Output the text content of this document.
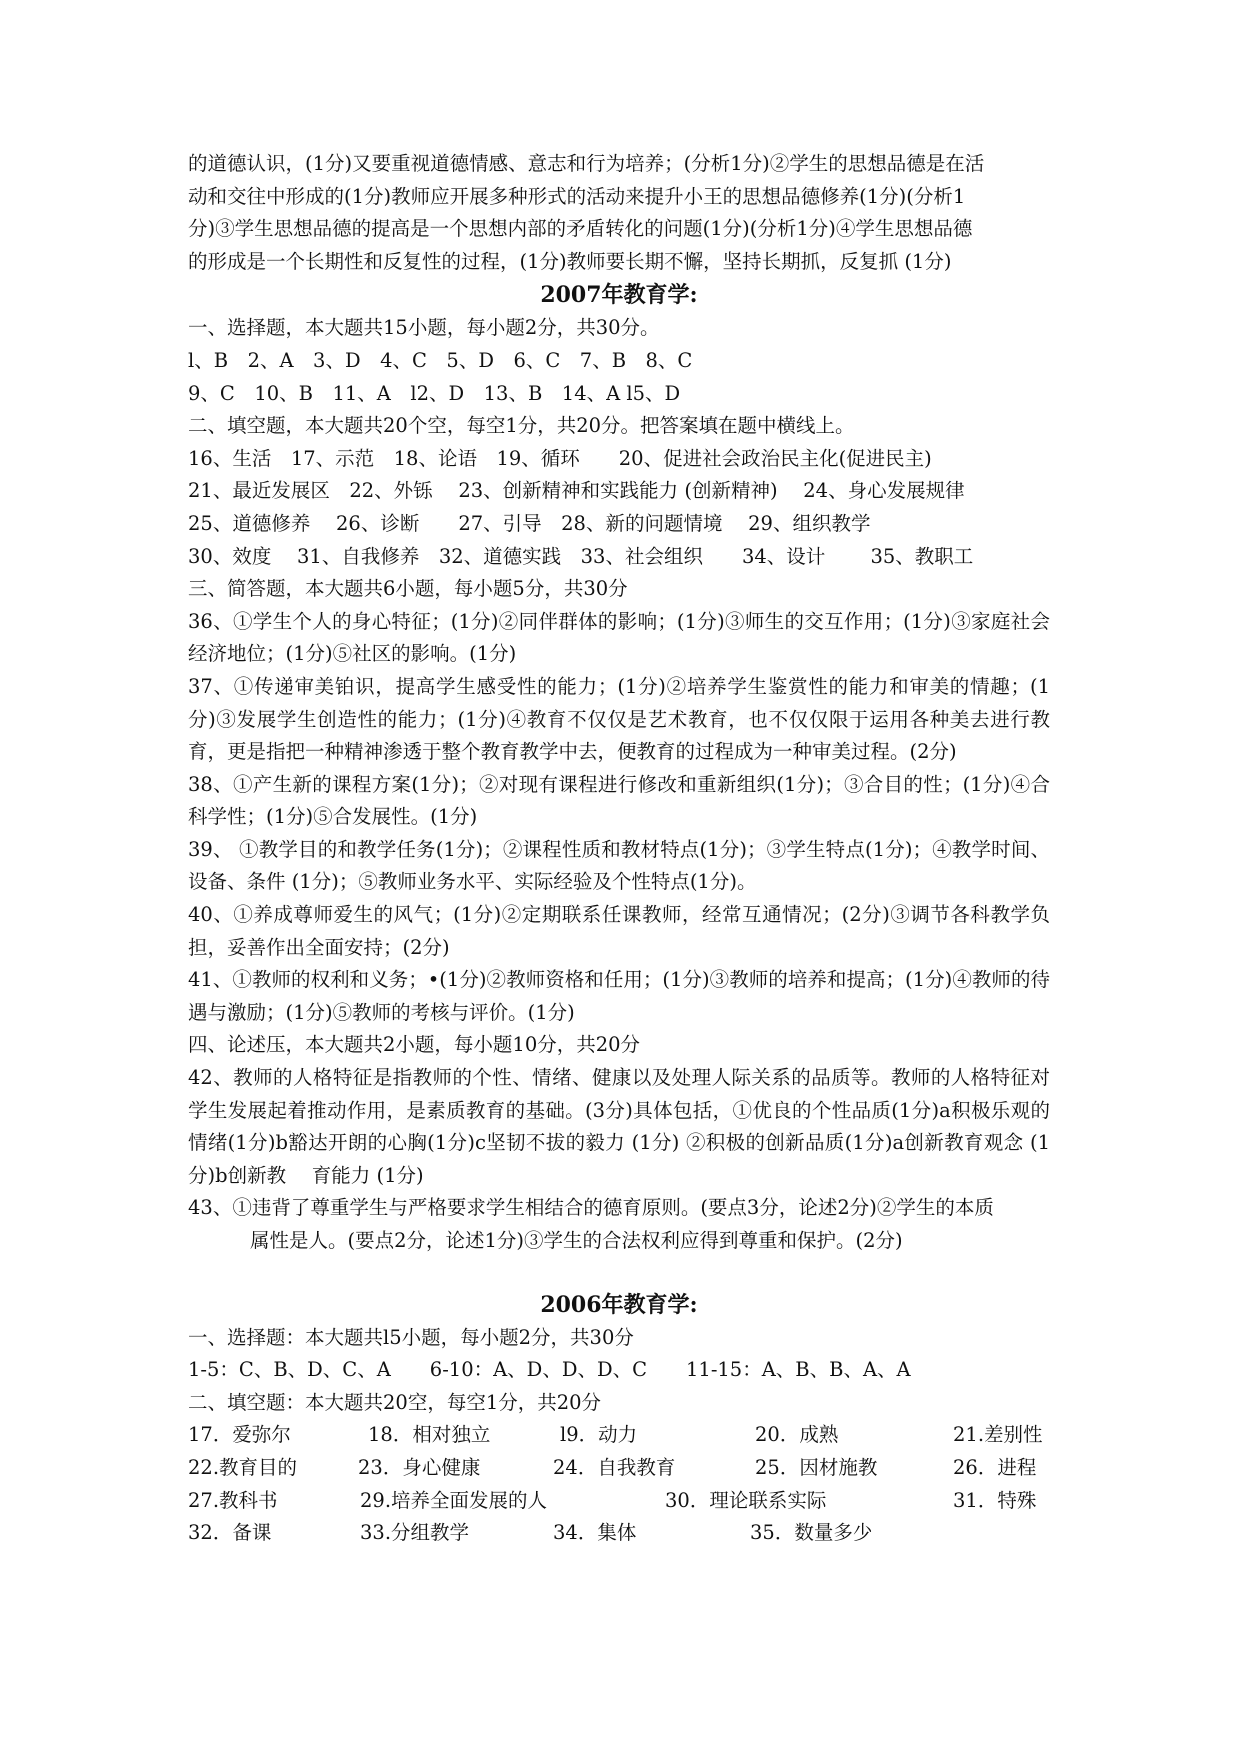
的道德认识，(1分)又要重视道德情感、意志和行为培养；(分析1分)②学生的思想品德是在活

动和交往中形成的(1分)教师应开展多种形式的活动来提升小王的思想品德修养(1分)(分析1

分)③学生思想品德的提高是一个思想内部的矛盾转化的问题(1分)(分析1分)④学生思想品德

的形成是一个长期性和反复性的过程，(1分)教师要长期不懈，坚持长期抓，反复抓 (1分)

2007年教育学:

一、选择题，本大题共15小题，每小题2分，共30分。

l、B　2、A　3、D　4、C　5、D　6、C　7、B　8、C

9、C　10、B　11、A　l2、D　13、B　14、A l5、D

二、填空题，本大题共20个空，每空1分，共20分。把答案填在题中横线上。

16、生活　17、示范　18、论语　19、循环　　20、促进社会政治民主化(促进民主)

21、最近发展区　22、外铄　 23、创新精神和实践能力 (创新精神)　 24、身心发展规律

25、道德修养　 26、诊断　　27、引导　28、新的问题情境　 29、组织教学

30、效度　 31、自我修养　32、道德实践　33、社会组织　　34、设计　　 35、教职工

三、简答题，本大题共6小题，每小题5分，共30分

36、①学生个人的身心特征；(1分)②同伴群体的影响；(1分)③师生的交互作用；(1分)③家庭社会经济地位；(1分)⑤社区的影响。(1分)

37、①传递审美铂识，提高学生感受性的能力；(1分)②培养学生鉴赏性的能力和审美的情趣；(1分)③发展学生创造性的能力；(1分)④教育不仅仅是艺术教育，也不仅仅限于运用各种美去进行教育，更是指把一种精神渗透于整个教育教学中去，便教育的过程成为一种审美过程。(2分)

38、①产生新的课程方案(1分)；②对现有课程进行修改和重新组织(1分)；③合目的性；(1分)④合科学性；(1分)⑤合发展性。(1分)

39、 ①教学目的和教学任务(1分)；②课程性质和教材特点(1分)；③学生特点(1分)；④教学时间、设备、条件 (1分)；⑤教师业务水平、实际经验及个性特点(1分)。

40、①养成尊师爱生的风气；(1分)②定期联系任课教师，经常互通情况；(2分)③调节各科教学负担，妥善作出全面安持；(2分)

41、①教师的权利和义务；•(1分)②教师资格和任用；(1分)③教师的培养和提高；(1分)④教师的待遇与激励；(1分)⑤教师的考核与评价。(1分)

四、论述压，本大题共2小题，每小题10分，共20分

42、教师的人格特征是指教师的个性、情绪、健康以及处理人际关系的品质等。教师的人格特征对学生发展起着推动作用，是素质教育的基础。(3分)具体包括，①优良的个性品质(1分)a积极乐观的情绪(1分)b豁达开朗的心胸(1分)c坚韧不拔的毅力 (1分) ②积极的创新品质(1分)a创新教育观念 (1分)b创新教　 育能力 (1分)

43、①违背了尊重学生与严格要求学生相结合的德育原则。(要点3分，论述2分)②学生的本质

属性是人。(要点2分，论述1分)③学生的合法权利应得到尊重和保护。(2分)

2006年教育学:

一、选择题：本大题共l5小题，每小题2分，共30分

1-5：C、B、D、C、A　　6-10：A、D、D、D、C　　11-15：A、B、B、A、A

二、填空题：本大题共20空，每空1分，共20分

17．爱弥尔	18．相对独立	l9．动力	20．成熟	21.差别性
22.教育目的	23．身心健康	24．自我教育	25．因材施教	26．进程
27.教科书	29.培养全面发展的人	30．理论联系实际	31．特殊
32．备课	33.分组教学	34．集体	35．数量多少
